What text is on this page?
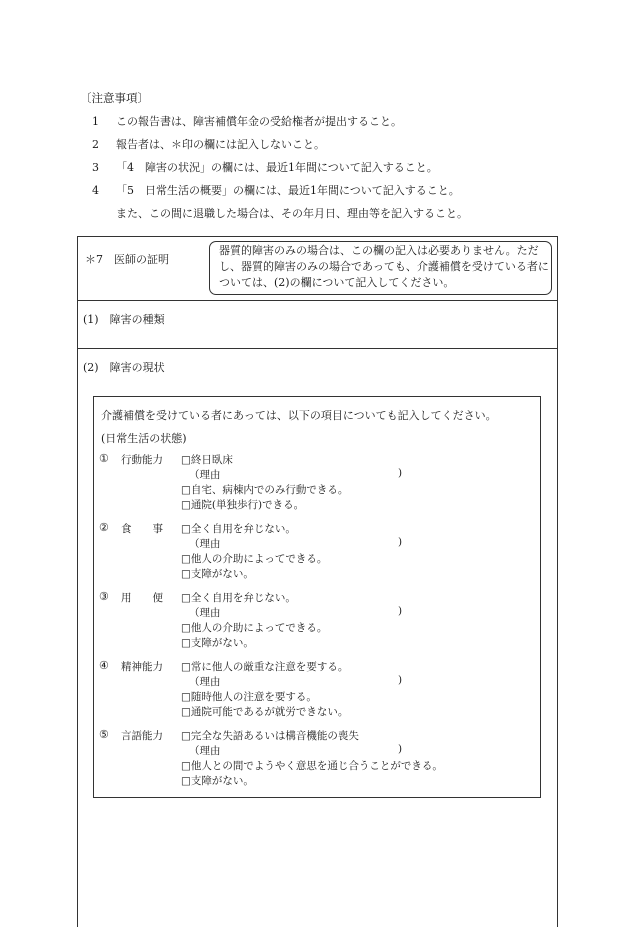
〔注意事項〕
1 この報告書は、障害補償年金の受給権者が提出すること。
2 報告者は、＊印の欄には記入しないこと。
3 「4　障害の状況」の欄には、最近1年間について記入すること。
4 「5　日常生活の概要」の欄には、最近1年間について記入すること。
また、この間に退職した場合は、その年月日、理由等を記入すること。
＊7　医師の証明
器質的障害のみの場合は、この欄の記入は必要ありません。ただし、器質的障害のみの場合であっても、介護補償を受けている者については、(2)の欄について記入してください。
(1)　障害の種類
(2)　障害の現状
介護補償を受けている者にあっては、以下の項目についても記入してください。
(日常生活の状態)
① 行動能力 □終日臥床
（理由	)
□自宅、病棟内でのみ行動できる。
□通院(単独歩行)できる。
② 食　　事 □全く自用を弁じない。
（理由	)
□他人の介助によってできる。
□支障がない。
③ 用　　便 □全く自用を弁じない。
（理由	)
□他人の介助によってできる。
□支障がない。
④ 精神能力 □常に他人の厳重な注意を要する。
（理由	)
□随時他人の注意を要する。
□通院可能であるが就労できない。
⑤ 言語能力 □完全な失語あるいは構音機能の喪失
（理由	)
□他人との間でようやく意思を通じ合うことができる。
□支障がない。
